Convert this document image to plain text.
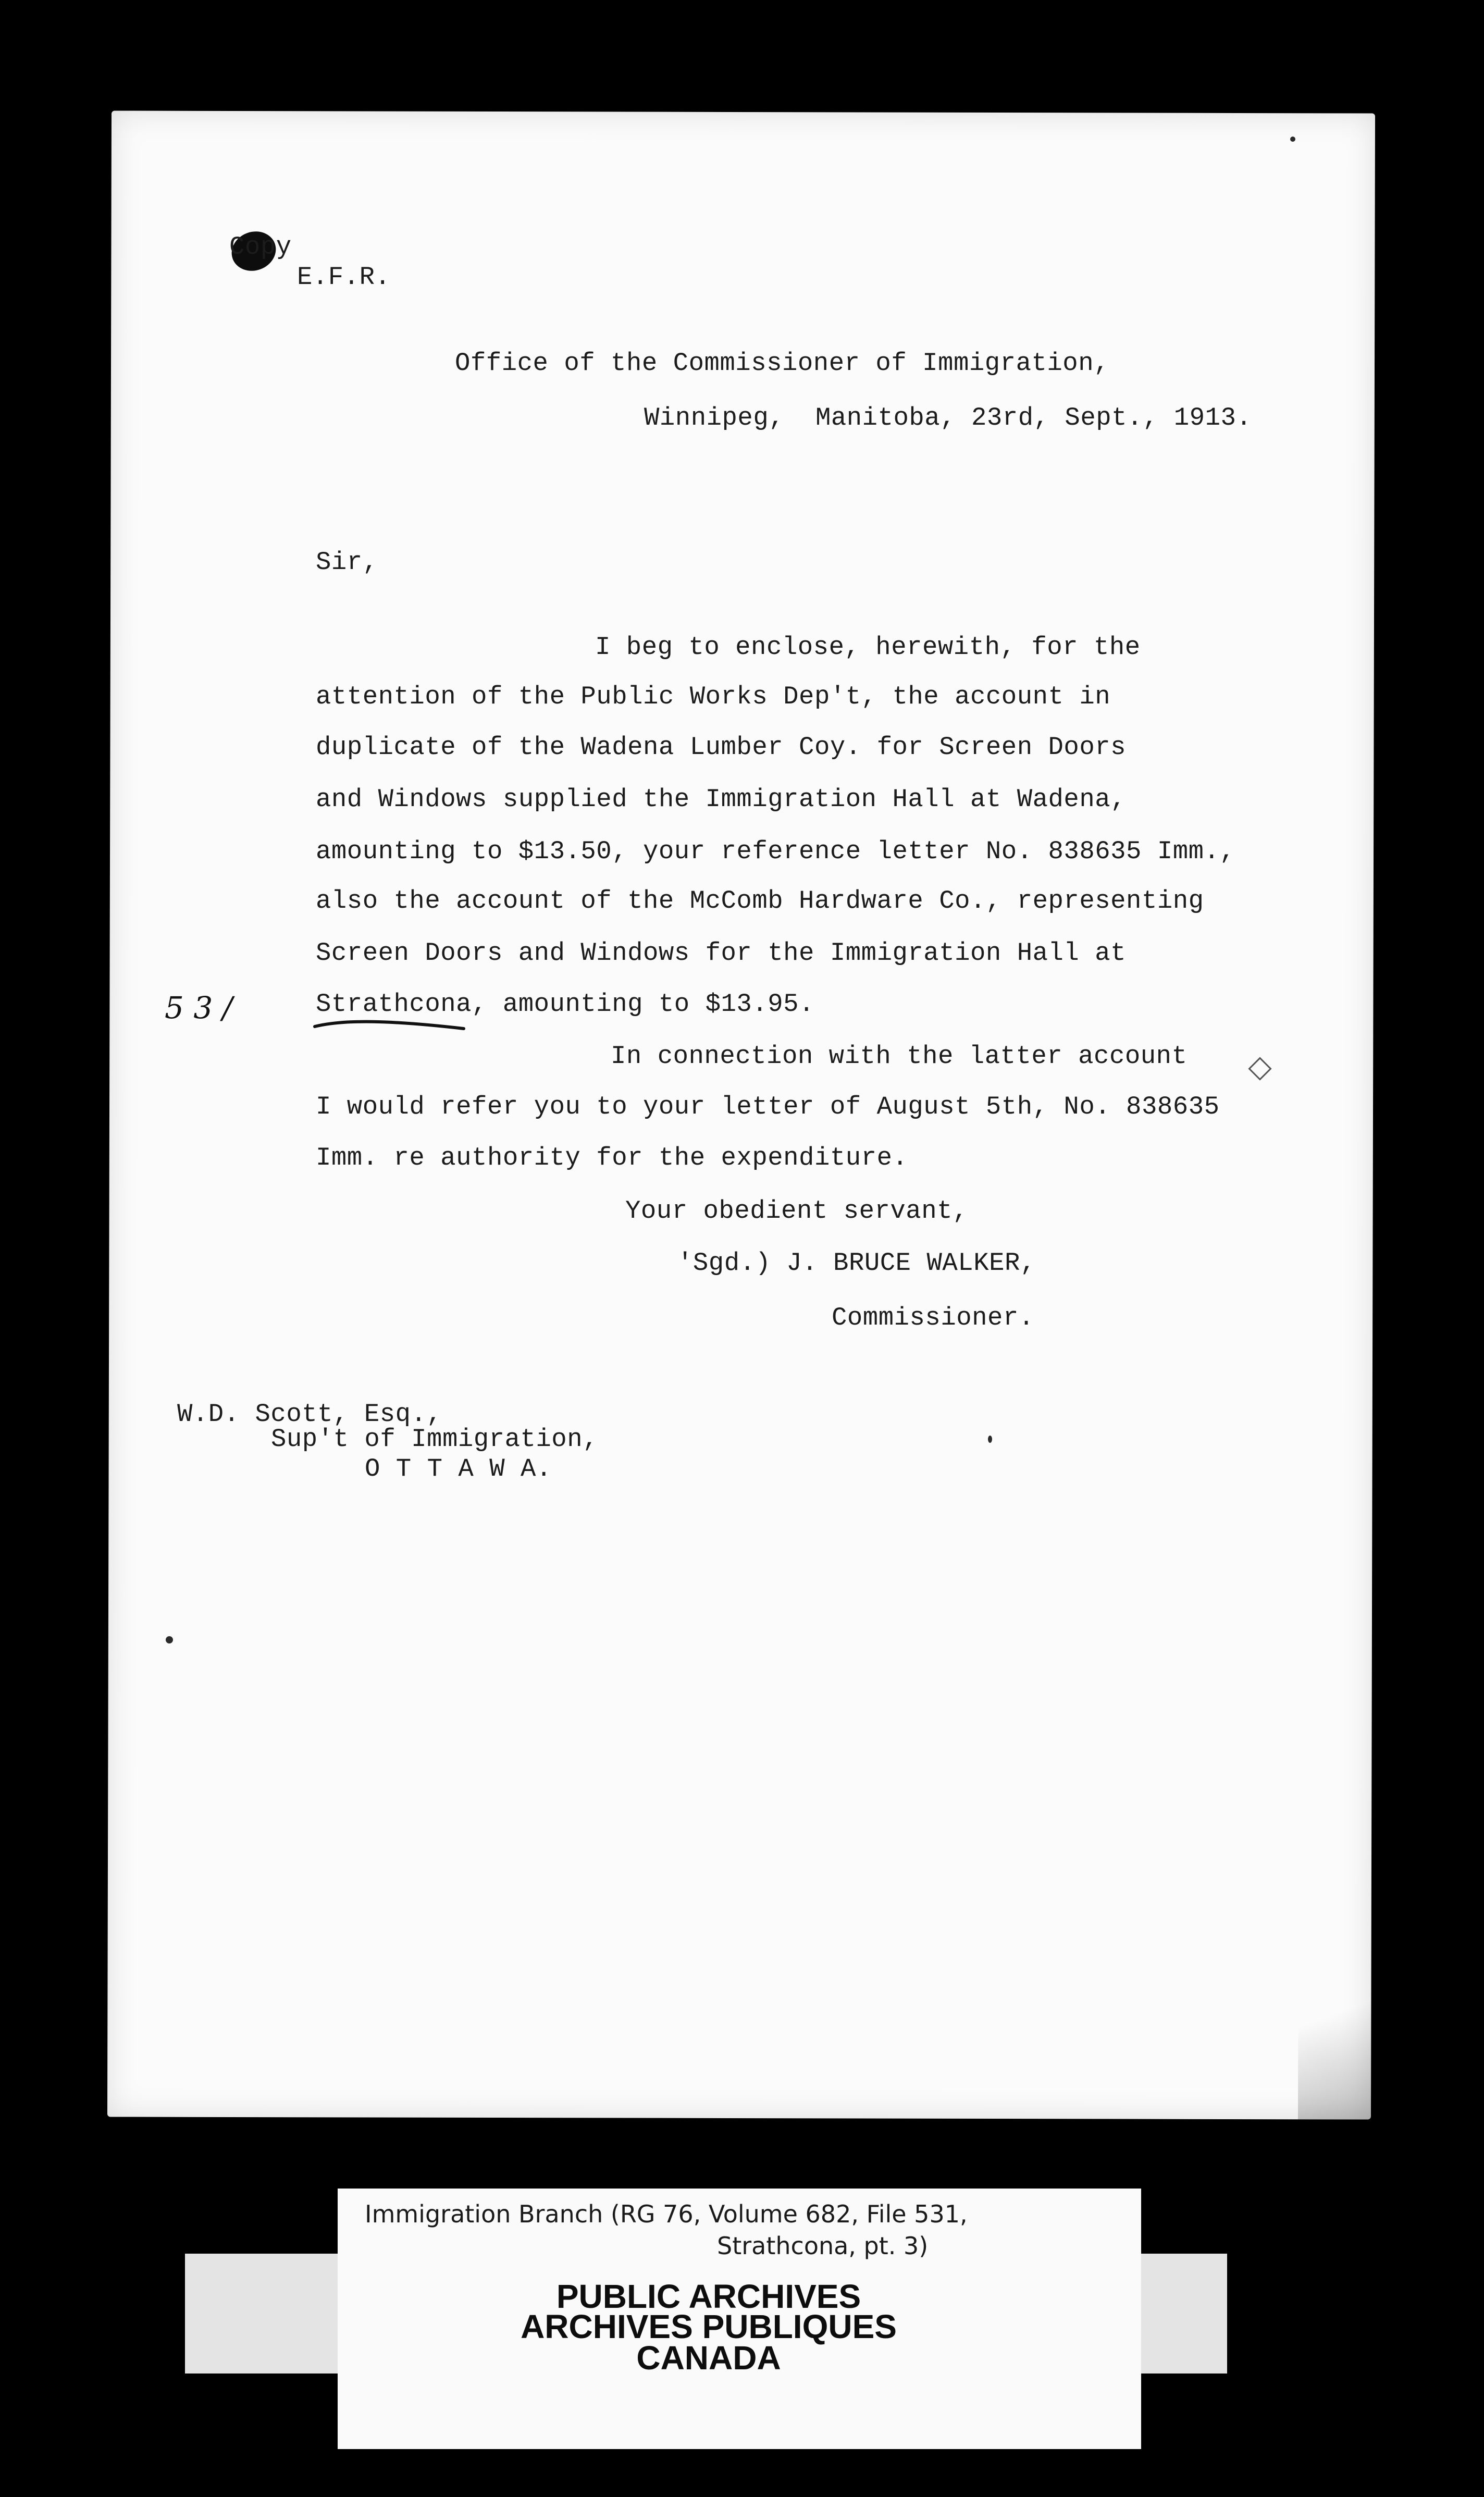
Copy
E.F.R.
Office of the Commissioner of Immigration,
Winnipeg,  Manitoba, 23rd, Sept., 1913.
Sir,
I beg to enclose, herewith, for the
attention of the Public Works Dep't, the account in
duplicate of the Wadena Lumber Coy. for Screen Doors
and Windows supplied the Immigration Hall at Wadena,
amounting to $13.50, your reference letter No. 838635 Imm.,
also the account of the McComb Hardware Co., representing
Screen Doors and Windows for the Immigration Hall at
Strathcona, amounting to $13.95.
5 3 /
In connection with the latter account
I would refer you to your letter of August 5th, No. 838635
Imm. re authority for the expenditure.
Your obedient servant,
'Sgd.) J. BRUCE WALKER,
Commissioner.
W.D. Scott, Esq.,
Sup't of Immigration,
O T T A W A.
Immigration Branch (RG 76, Volume 682, File 531,
Strathcona, pt. 3)
PUBLIC ARCHIVES
ARCHIVES PUBLIQUES
CANADA
